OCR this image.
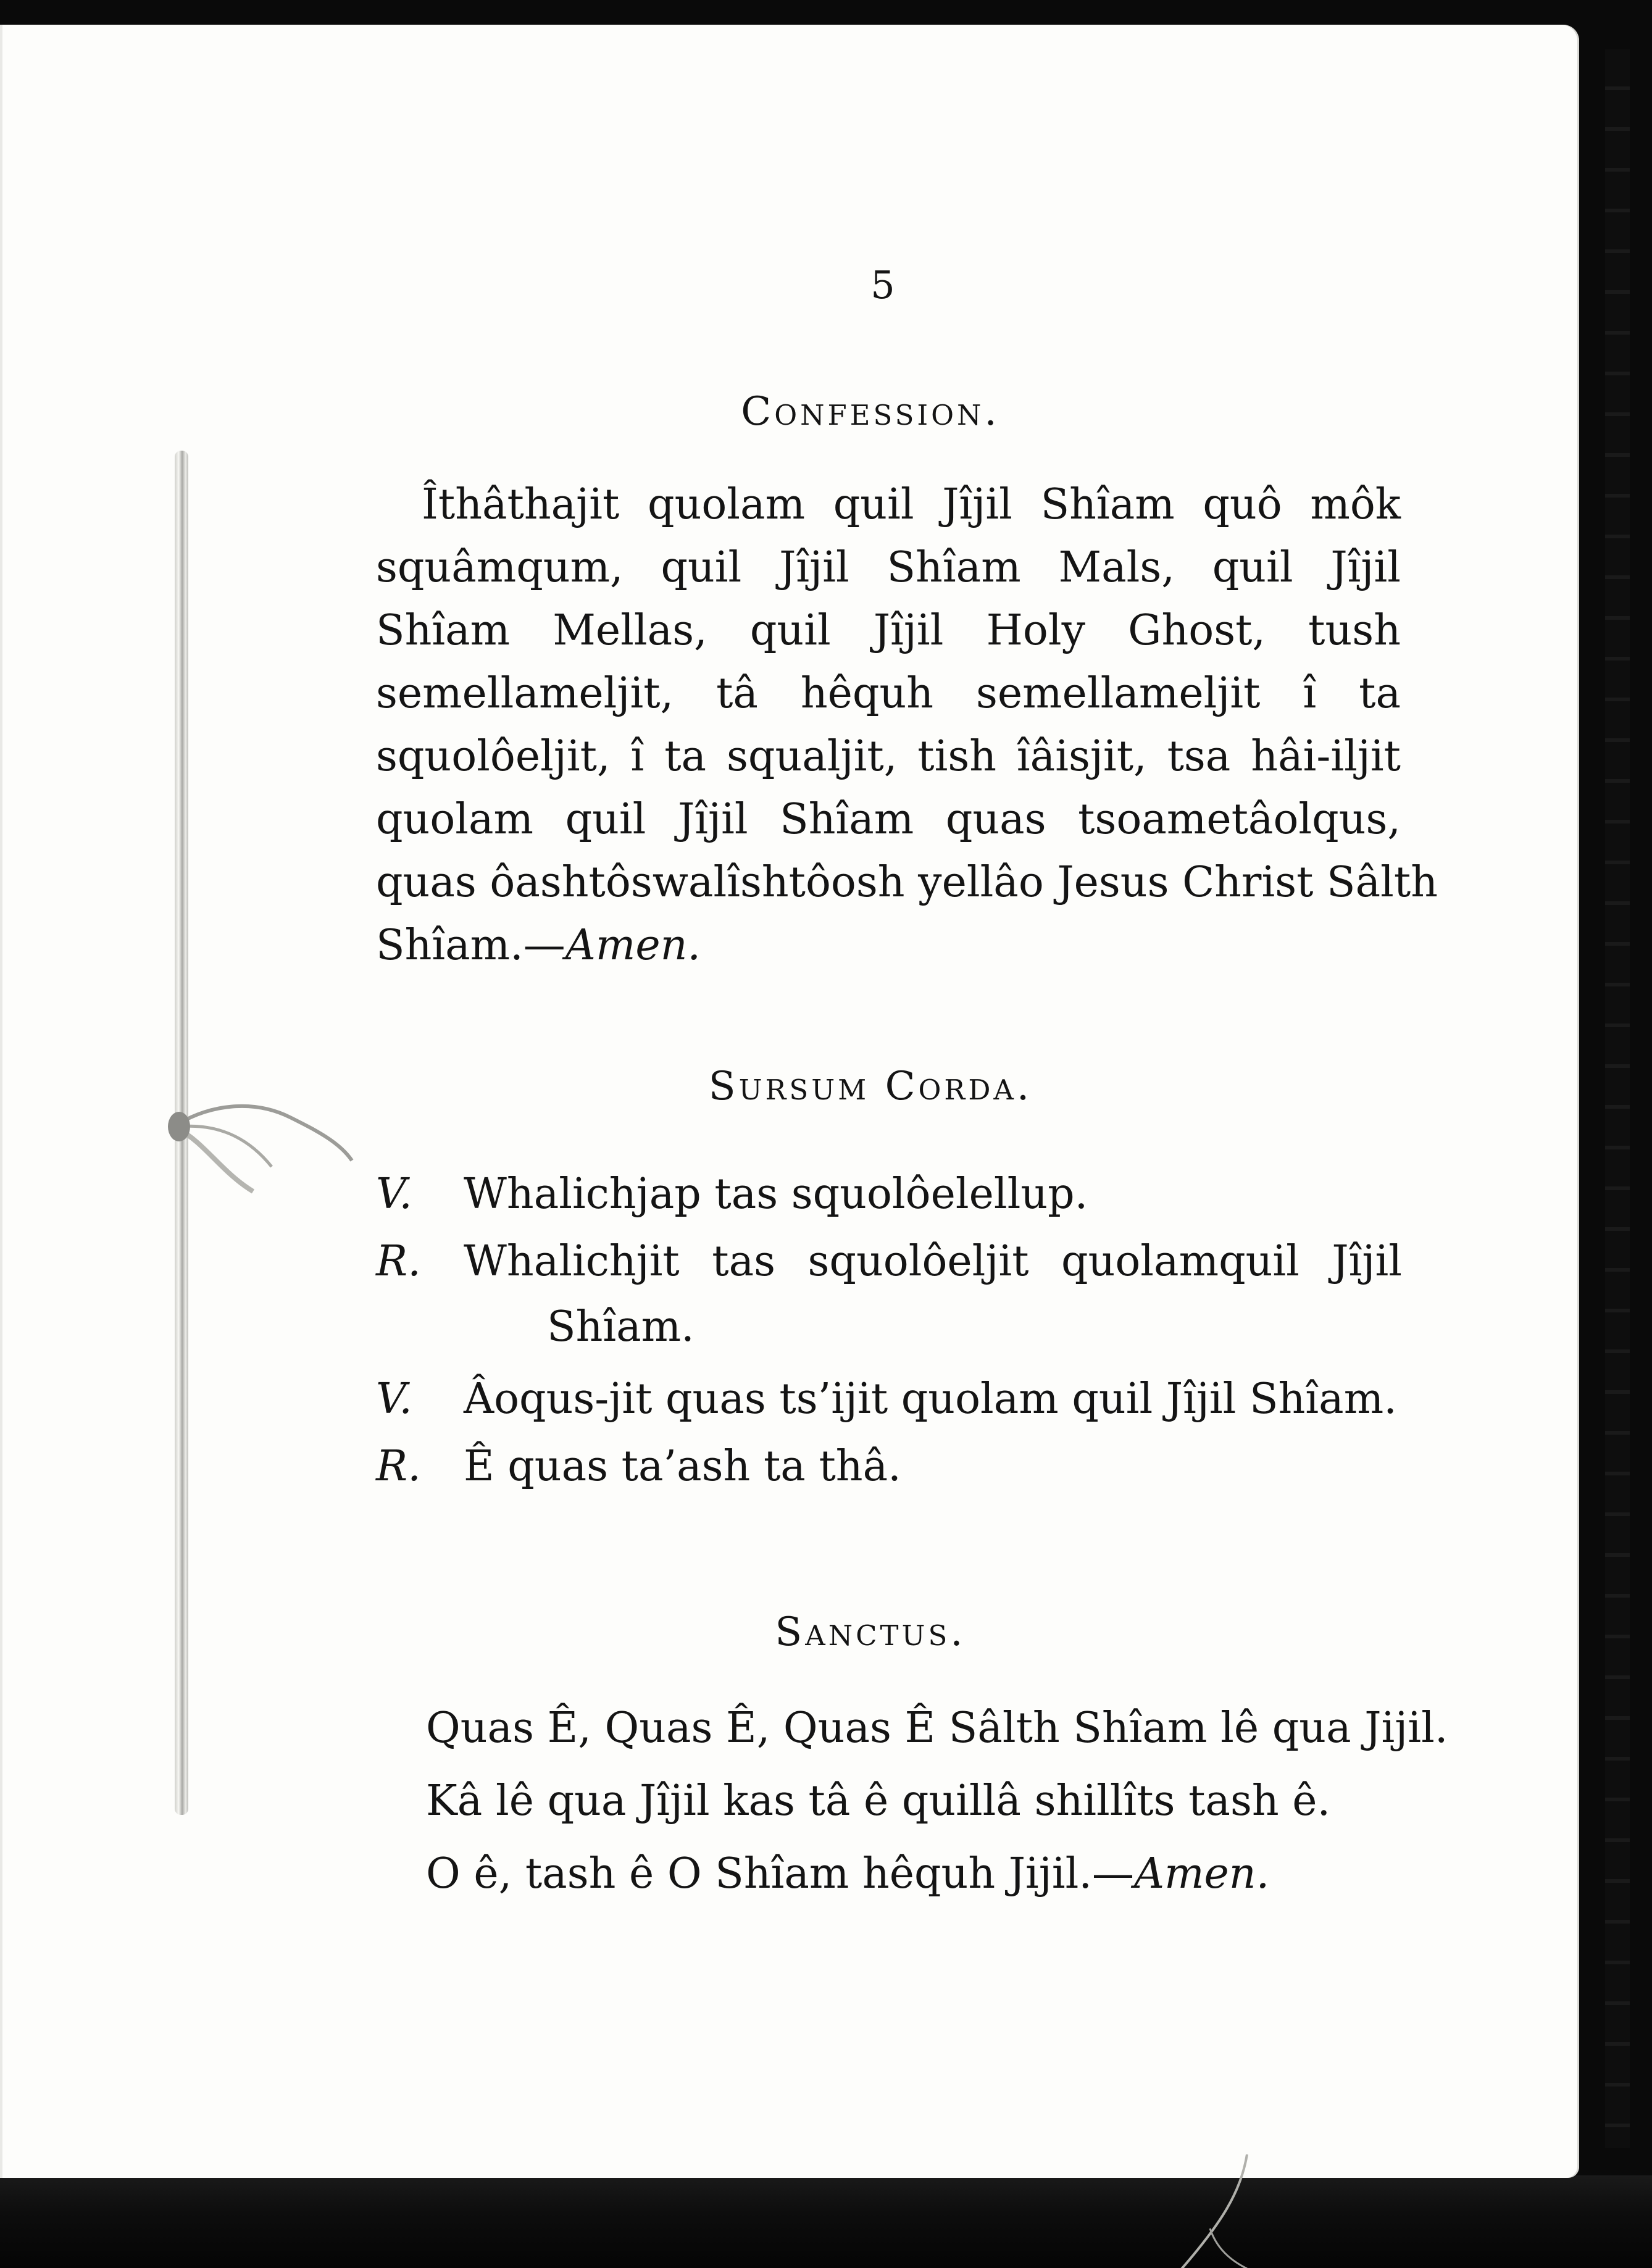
5
Confession.
Îthâthajit quolam quil Jîjil Shîam quô môk
squâmqum, quil Jîjil Shîam Mals, quil Jîjil
Shîam Mellas, quil Jîjil Holy Ghost, tush
semellameljit, tâ hêquh semellameljit î ta
squolôeljit, î ta squaljit, tish îâisjit, tsa hâi-iljit
quolam quil Jîjil Shîam quas tsoametâolqus,
quas ôashtôswalîshtôosh yellâo Jesus Christ Sâlth
Shîam.—Amen.
Sursum Corda.
V. Whalichjap tas squolôelellup.
R. Whalichjit tas squolôeljit quolamquil Jîjil
Shîam.
V. Âoqus-jit quas ts’ijit quolam quil Jîjil Shîam.
R. Ê quas ta’ash ta thâ.
Sanctus.
Quas Ê, Quas Ê, Quas Ê Sâlth Shîam lê qua Jijil.
Kâ lê qua Jîjil kas tâ ê quillâ shillîts tash ê.
O ê, tash ê O Shîam hêquh Jijil.—Amen.
